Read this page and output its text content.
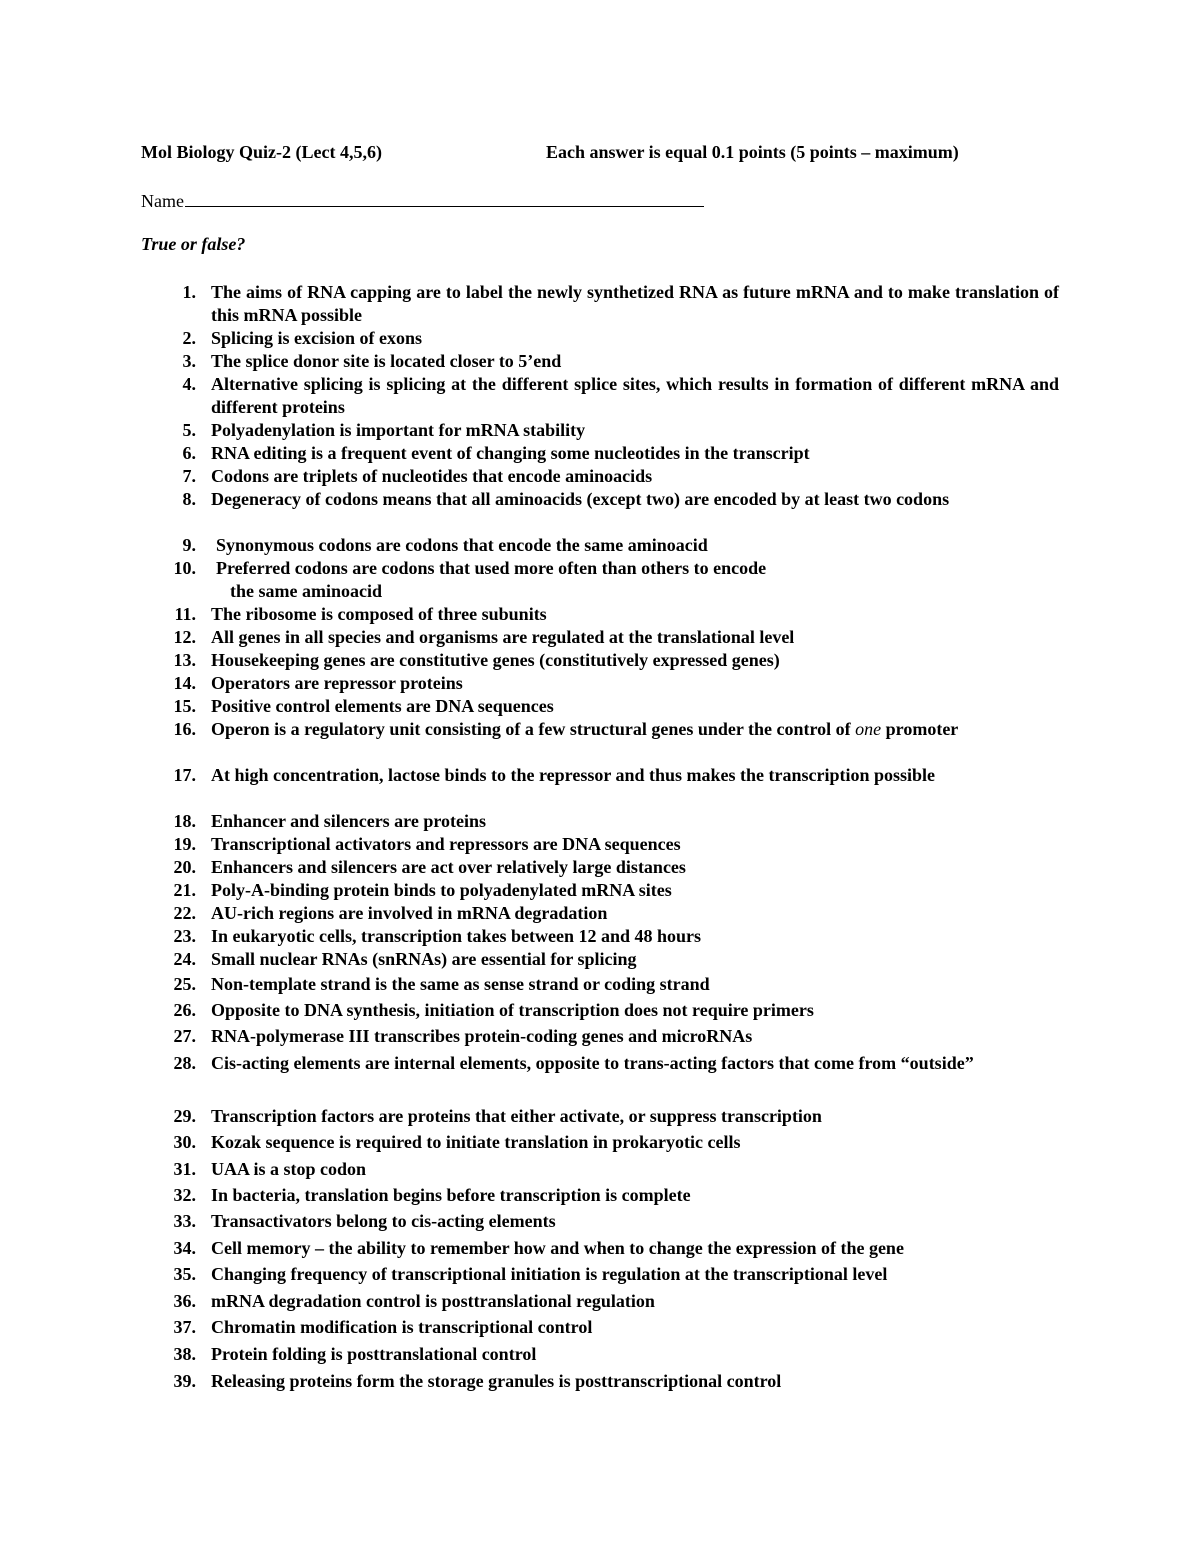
Mol Biology Quiz-2 (Lect 4,5,6)	Each answer is equal 0.1 points (5 points – maximum)
Name
True or false?
1. The aims of RNA capping are to label the newly synthetized RNA as future mRNA and to make translation of this mRNA possible
2. Splicing is excision of exons
3. The splice donor site is located closer to 5’end
4. Alternative splicing is splicing at the different splice sites, which results in formation of different mRNA and different proteins
5. Polyadenylation is important for mRNA stability
6. RNA editing is a frequent event of changing some nucleotides in the transcript
7. Codons are triplets of nucleotides that encode aminoacids
8. Degeneracy of codons means that all aminoacids (except two) are encoded by at least two codons
9. Synonymous codons are codons that encode the same aminoacid
10. Preferred codons are codons that used more often than others to encode
the same aminoacid
11. The ribosome is composed of three subunits
12. All genes in all species and organisms are regulated at the translational level
13. Housekeeping genes are constitutive genes (constitutively expressed genes)
14. Operators are repressor proteins
15. Positive control elements are DNA sequences
16. Operon is a regulatory unit consisting of a few structural genes under the control of one promoter
17. At high concentration, lactose binds to the repressor and thus makes the transcription possible
18. Enhancer and silencers are proteins
19. Transcriptional activators and repressors are DNA sequences
20. Enhancers and silencers are act over relatively large distances
21. Poly-A-binding protein binds to polyadenylated mRNA sites
22. AU-rich regions are involved in mRNA degradation
23. In eukaryotic cells, transcription takes between 12 and 48 hours
24. Small nuclear RNAs (snRNAs) are essential for splicing
25. Non-template strand is the same as sense strand or coding strand
26. Opposite to DNA synthesis, initiation of transcription does not require primers
27. RNA-polymerase III transcribes protein-coding genes and microRNAs
28. Cis-acting elements are internal elements, opposite to trans-acting factors that come from “outside”
29. Transcription factors are proteins that either activate, or suppress transcription
30. Kozak sequence is required to initiate translation in prokaryotic cells
31. UAA is a stop codon
32. In bacteria, translation begins before transcription is complete
33. Transactivators belong to cis-acting elements
34. Cell memory – the ability to remember how and when to change the expression of the gene
35. Changing frequency of transcriptional initiation is regulation at the transcriptional level
36. mRNA degradation control is posttranslational regulation
37. Chromatin modification is transcriptional control
38. Protein folding is posttranslational control
39. Releasing proteins form the storage granules is posttranscriptional control
